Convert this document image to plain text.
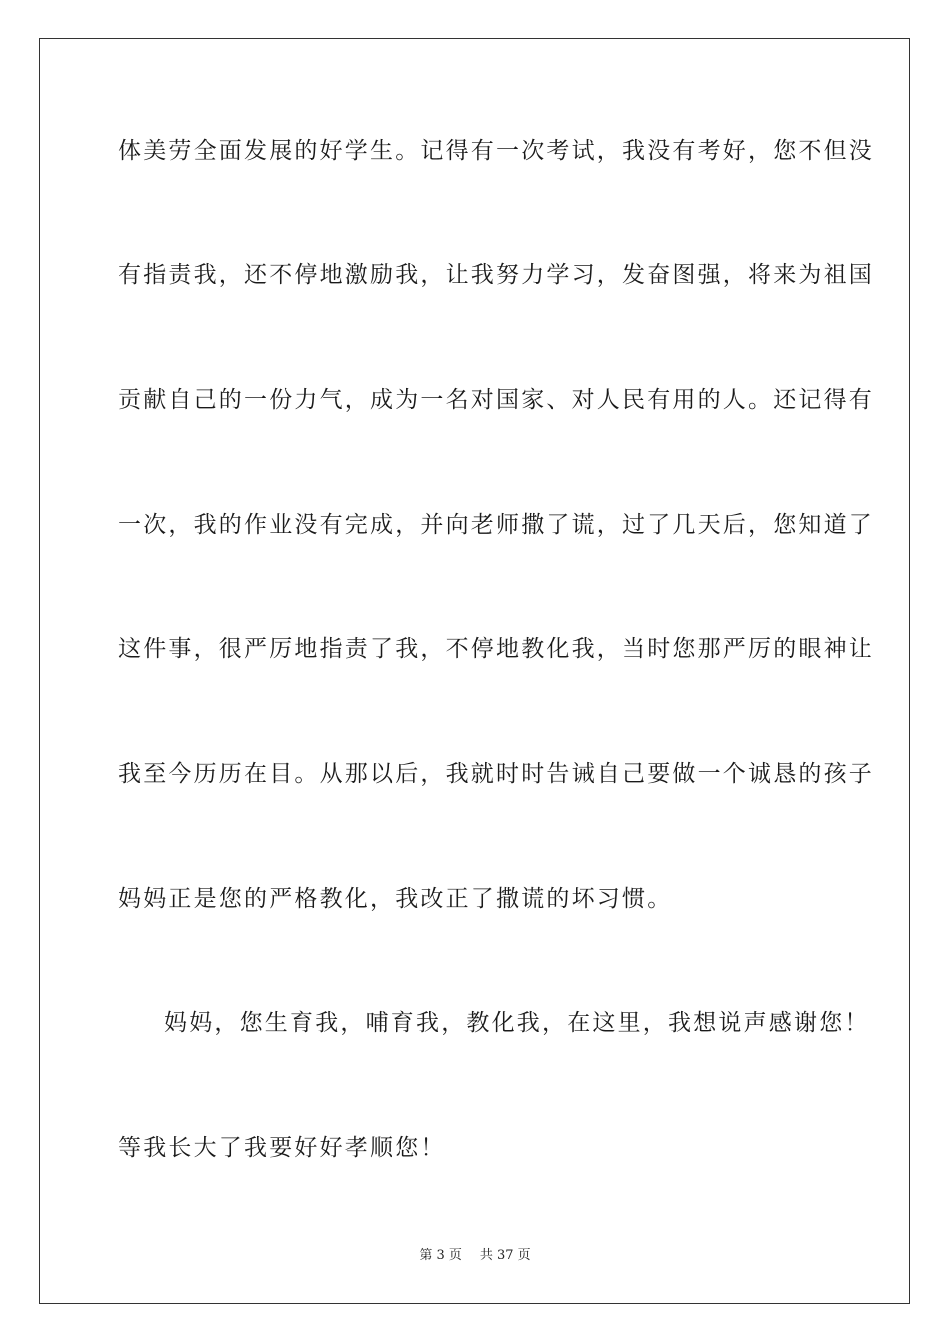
体美劳全面发展的好学生。记得有一次考试，我没有考好，您不但没
有指责我，还不停地激励我，让我努力学习，发奋图强，将来为祖国
贡献自己的一份力气，成为一名对国家、对人民有用的人。还记得有
一次，我的作业没有完成，并向老师撒了谎，过了几天后，您知道了
这件事，很严厉地指责了我，不停地教化我，当时您那严厉的眼神让
我至今历历在目。从那以后，我就时时告诫自己要做一个诚恳的孩子
妈妈正是您的严格教化，我改正了撒谎的坏习惯。
妈妈，您生育我，哺育我，教化我，在这里，我想说声感谢您！
等我长大了我要好好孝顺您！
第 3 页 共 37 页
